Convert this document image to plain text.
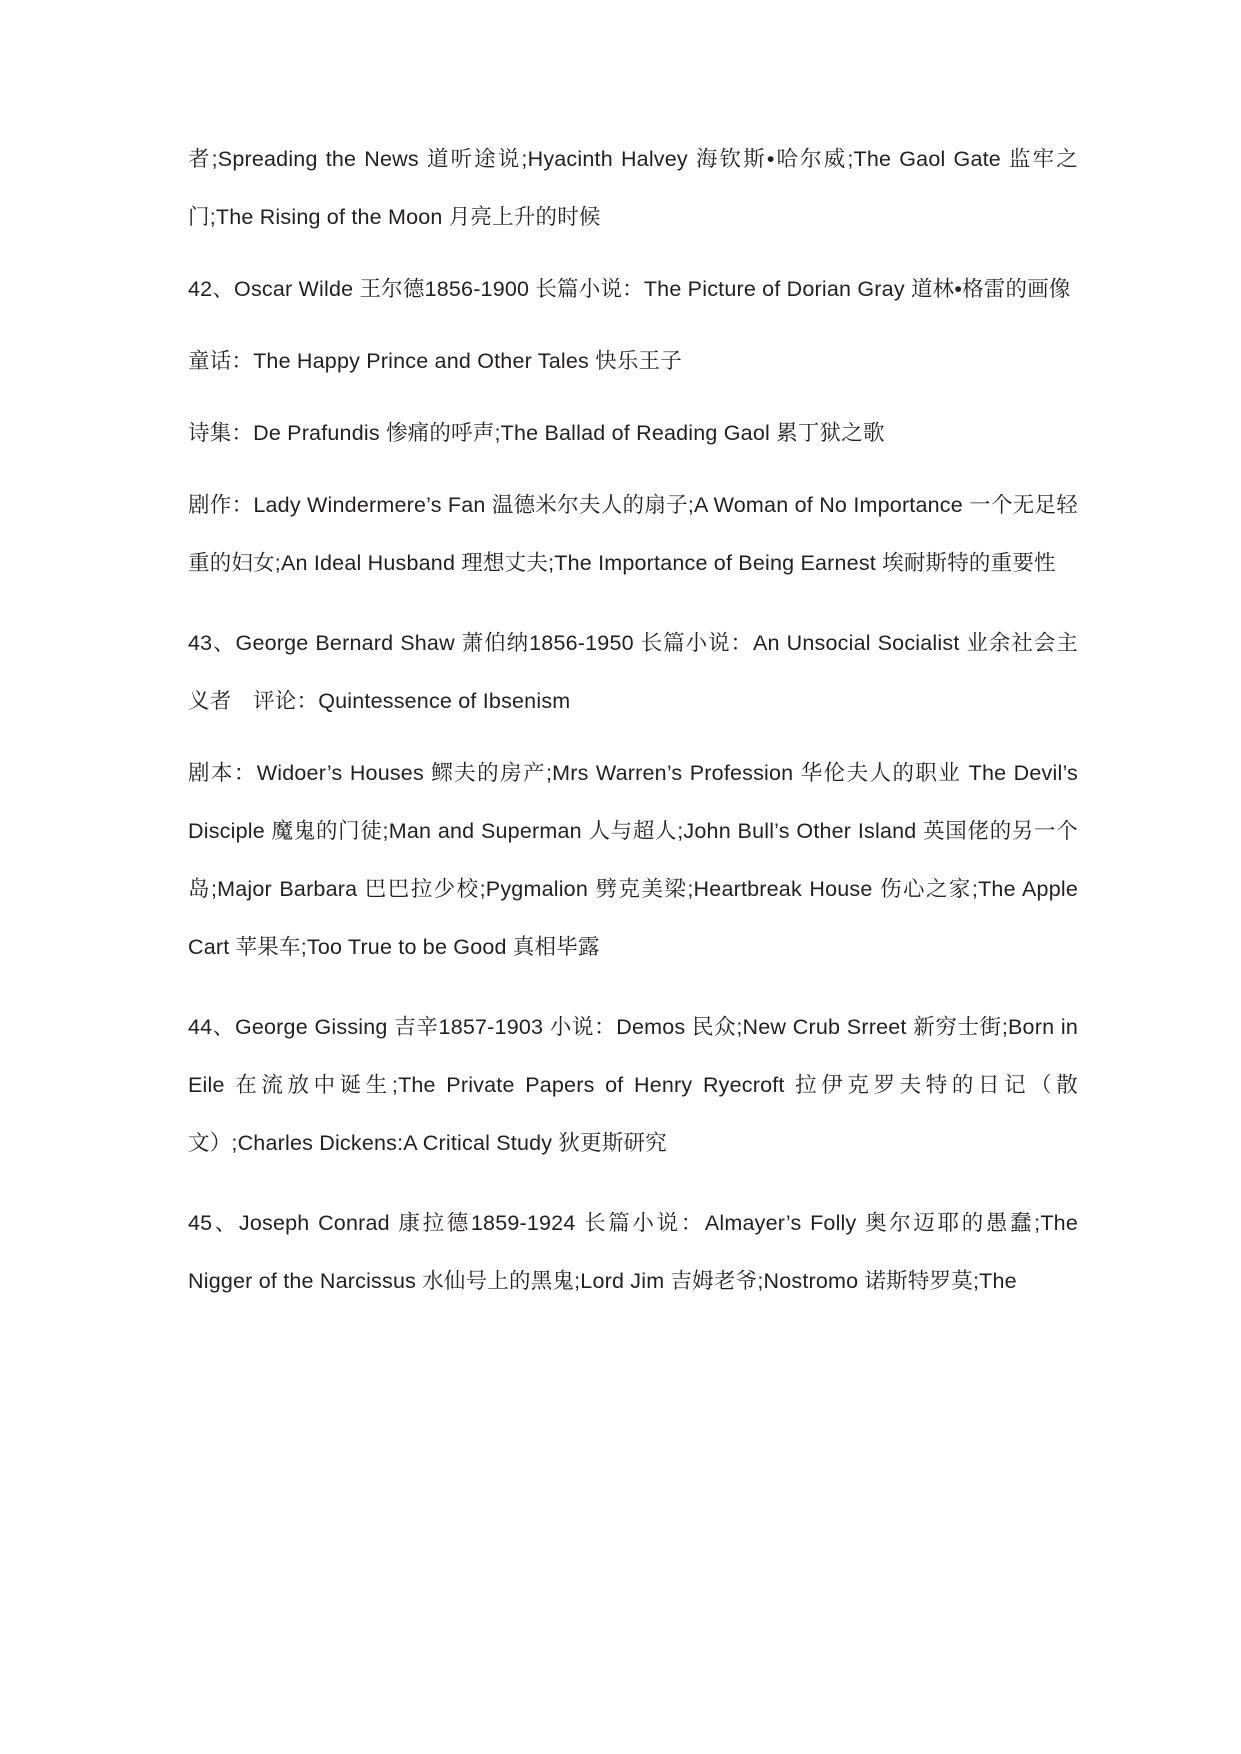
者;Spreading the News 道听途说;Hyacinth Halvey 海钦斯•哈尔威;The Gaol Gate 监牢之门;The Rising of the Moon 月亮上升的时候

42、Oscar Wilde 王尔德1856-1900 长篇小说：The Picture of Dorian Gray 道林•格雷的画像

童话：The Happy Prince and Other Tales 快乐王子

诗集：De Prafundis 惨痛的呼声;The Ballad of Reading Gaol 累丁狱之歌

剧作：Lady Windermere’s Fan 温德米尔夫人的扇子;A Woman of No Importance 一个无足轻重的妇女;An Ideal Husband 理想丈夫;The Importance of Being Earnest 埃耐斯特的重要性

43、George Bernard Shaw 萧伯纳1856-1950 长篇小说：An Unsocial Socialist 业余社会主义者　评论：Quintessence of Ibsenism

剧本：Widoer’s Houses 鳏夫的房产;Mrs Warren’s Profession 华伦夫人的职业 The Devil’s Disciple 魔鬼的门徒;Man and Superman 人与超人;John Bull’s Other Island 英国佬的另一个岛;Major Barbara 巴巴拉少校;Pygmalion 劈克美梁;Heartbreak House 伤心之家;The Apple Cart 苹果车;Too True to be Good 真相毕露

44、George Gissing 吉辛1857-1903 小说：Demos 民众;New Crub Srreet 新穷士街;Born in Eile 在流放中诞生;The Private Papers of Henry Ryecroft 拉伊克罗夫特的日记（散文）;Charles Dickens:A Critical Study 狄更斯研究

45、Joseph Conrad 康拉德1859-1924 长篇小说：Almayer’s Folly 奥尔迈耶的愚蠢;The Nigger of the Narcissus 水仙号上的黑鬼;Lord Jim 吉姆老爷;Nostromo 诺斯特罗莫;The
